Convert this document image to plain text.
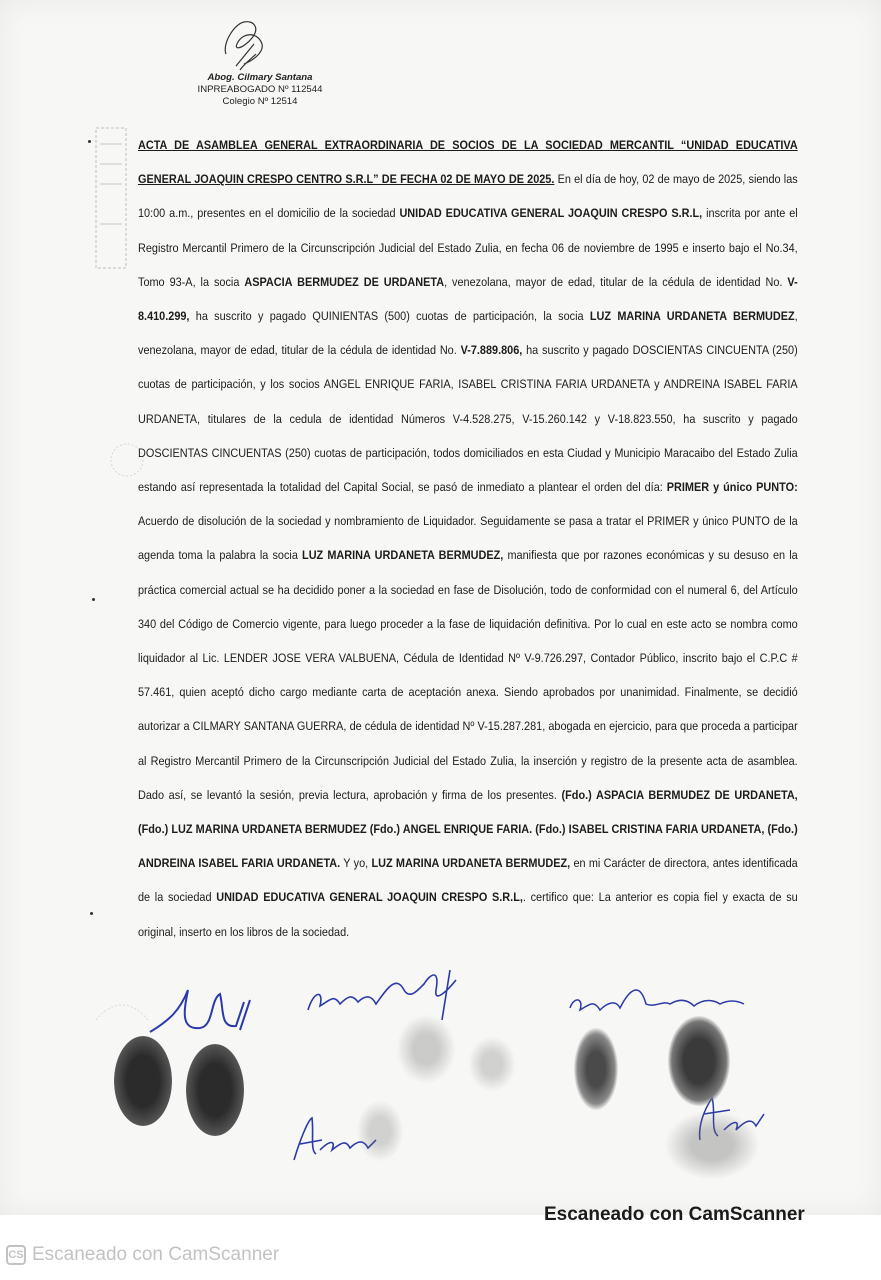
Abog. Cilmary Santana
INPREABOGADO Nº 112544
Colegio Nº 12514
ACTA DE ASAMBLEA GENERAL EXTRAORDINARIA DE SOCIOS DE LA SOCIEDAD MERCANTIL “UNIDAD EDUCATIVA GENERAL JOAQUIN CRESPO CENTRO S.R.L” DE FECHA 02 DE MAYO DE 2025. En el día de hoy, 02 de mayo de 2025, siendo las 10:00 a.m., presentes en el domicilio de la sociedad UNIDAD EDUCATIVA GENERAL JOAQUIN CRESPO S.R.L, inscrita por ante el Registro Mercantil Primero de la Circunscripción Judicial del Estado Zulia, en fecha 06 de noviembre de 1995 e inserto bajo el No.34, Tomo 93-A, la socia ASPACIA BERMUDEZ DE URDANETA, venezolana, mayor de edad, titular de la cédula de identidad No. V-8.410.299, ha suscrito y pagado QUINIENTAS (500) cuotas de participación, la socia LUZ MARINA URDANETA BERMUDEZ, venezolana, mayor de edad, titular de la cédula de identidad No. V-7.889.806, ha suscrito y pagado DOSCIENTAS CINCUENTA (250) cuotas de participación, y los socios ANGEL ENRIQUE FARIA, ISABEL CRISTINA FARIA URDANETA y ANDREINA ISABEL FARIA URDANETA, titulares de la cedula de identidad Números V-4.528.275, V-15.260.142 y V-18.823.550, ha suscrito y pagado DOSCIENTAS CINCUENTAS (250) cuotas de participación, todos domiciliados en esta Ciudad y Municipio Maracaibo del Estado Zulia estando así representada la totalidad del Capital Social, se pasó de inmediato a plantear el orden del día: PRIMER y único PUNTO: Acuerdo de disolución de la sociedad y nombramiento de Liquidador. Seguidamente se pasa a tratar el PRIMER y único PUNTO de la agenda toma la palabra la socia LUZ MARINA URDANETA BERMUDEZ, manifiesta que por razones económicas y su desuso en la práctica comercial actual se ha decidido poner a la sociedad en fase de Disolución, todo de conformidad con el numeral 6, del Artículo 340 del Código de Comercio vigente, para luego proceder a la fase de liquidación definitiva. Por lo cual en este acto se nombra como liquidador al Lic. LENDER JOSE VERA VALBUENA, Cédula de Identidad Nº V-9.726.297, Contador Público, inscrito bajo el C.P.C # 57.461, quien aceptó dicho cargo mediante carta de aceptación anexa. Siendo aprobados por unanimidad. Finalmente, se decidió autorizar a CILMARY SANTANA GUERRA, de cédula de identidad Nº V-15.287.281, abogada en ejercicio, para que proceda a participar al Registro Mercantil Primero de la Circunscripción Judicial del Estado Zulia, la inserción y registro de la presente acta de asamblea. Dado así, se levantó la sesión, previa lectura, aprobación y firma de los presentes. (Fdo.) ASPACIA BERMUDEZ DE URDANETA, (Fdo.) LUZ MARINA URDANETA BERMUDEZ (Fdo.) ANGEL ENRIQUE FARIA. (Fdo.) ISABEL CRISTINA FARIA URDANETA, (Fdo.) ANDREINA ISABEL FARIA URDANETA. Y yo, LUZ MARINA URDANETA BERMUDEZ, en mi Carácter de directora, antes identificada de la sociedad UNIDAD EDUCATIVA GENERAL JOAQUIN CRESPO S.R.L,. certifico que: La anterior es copia fiel y exacta de su original, inserto en los libros de la sociedad.
Escaneado con CamScanner
CS Escaneado con CamScanner
